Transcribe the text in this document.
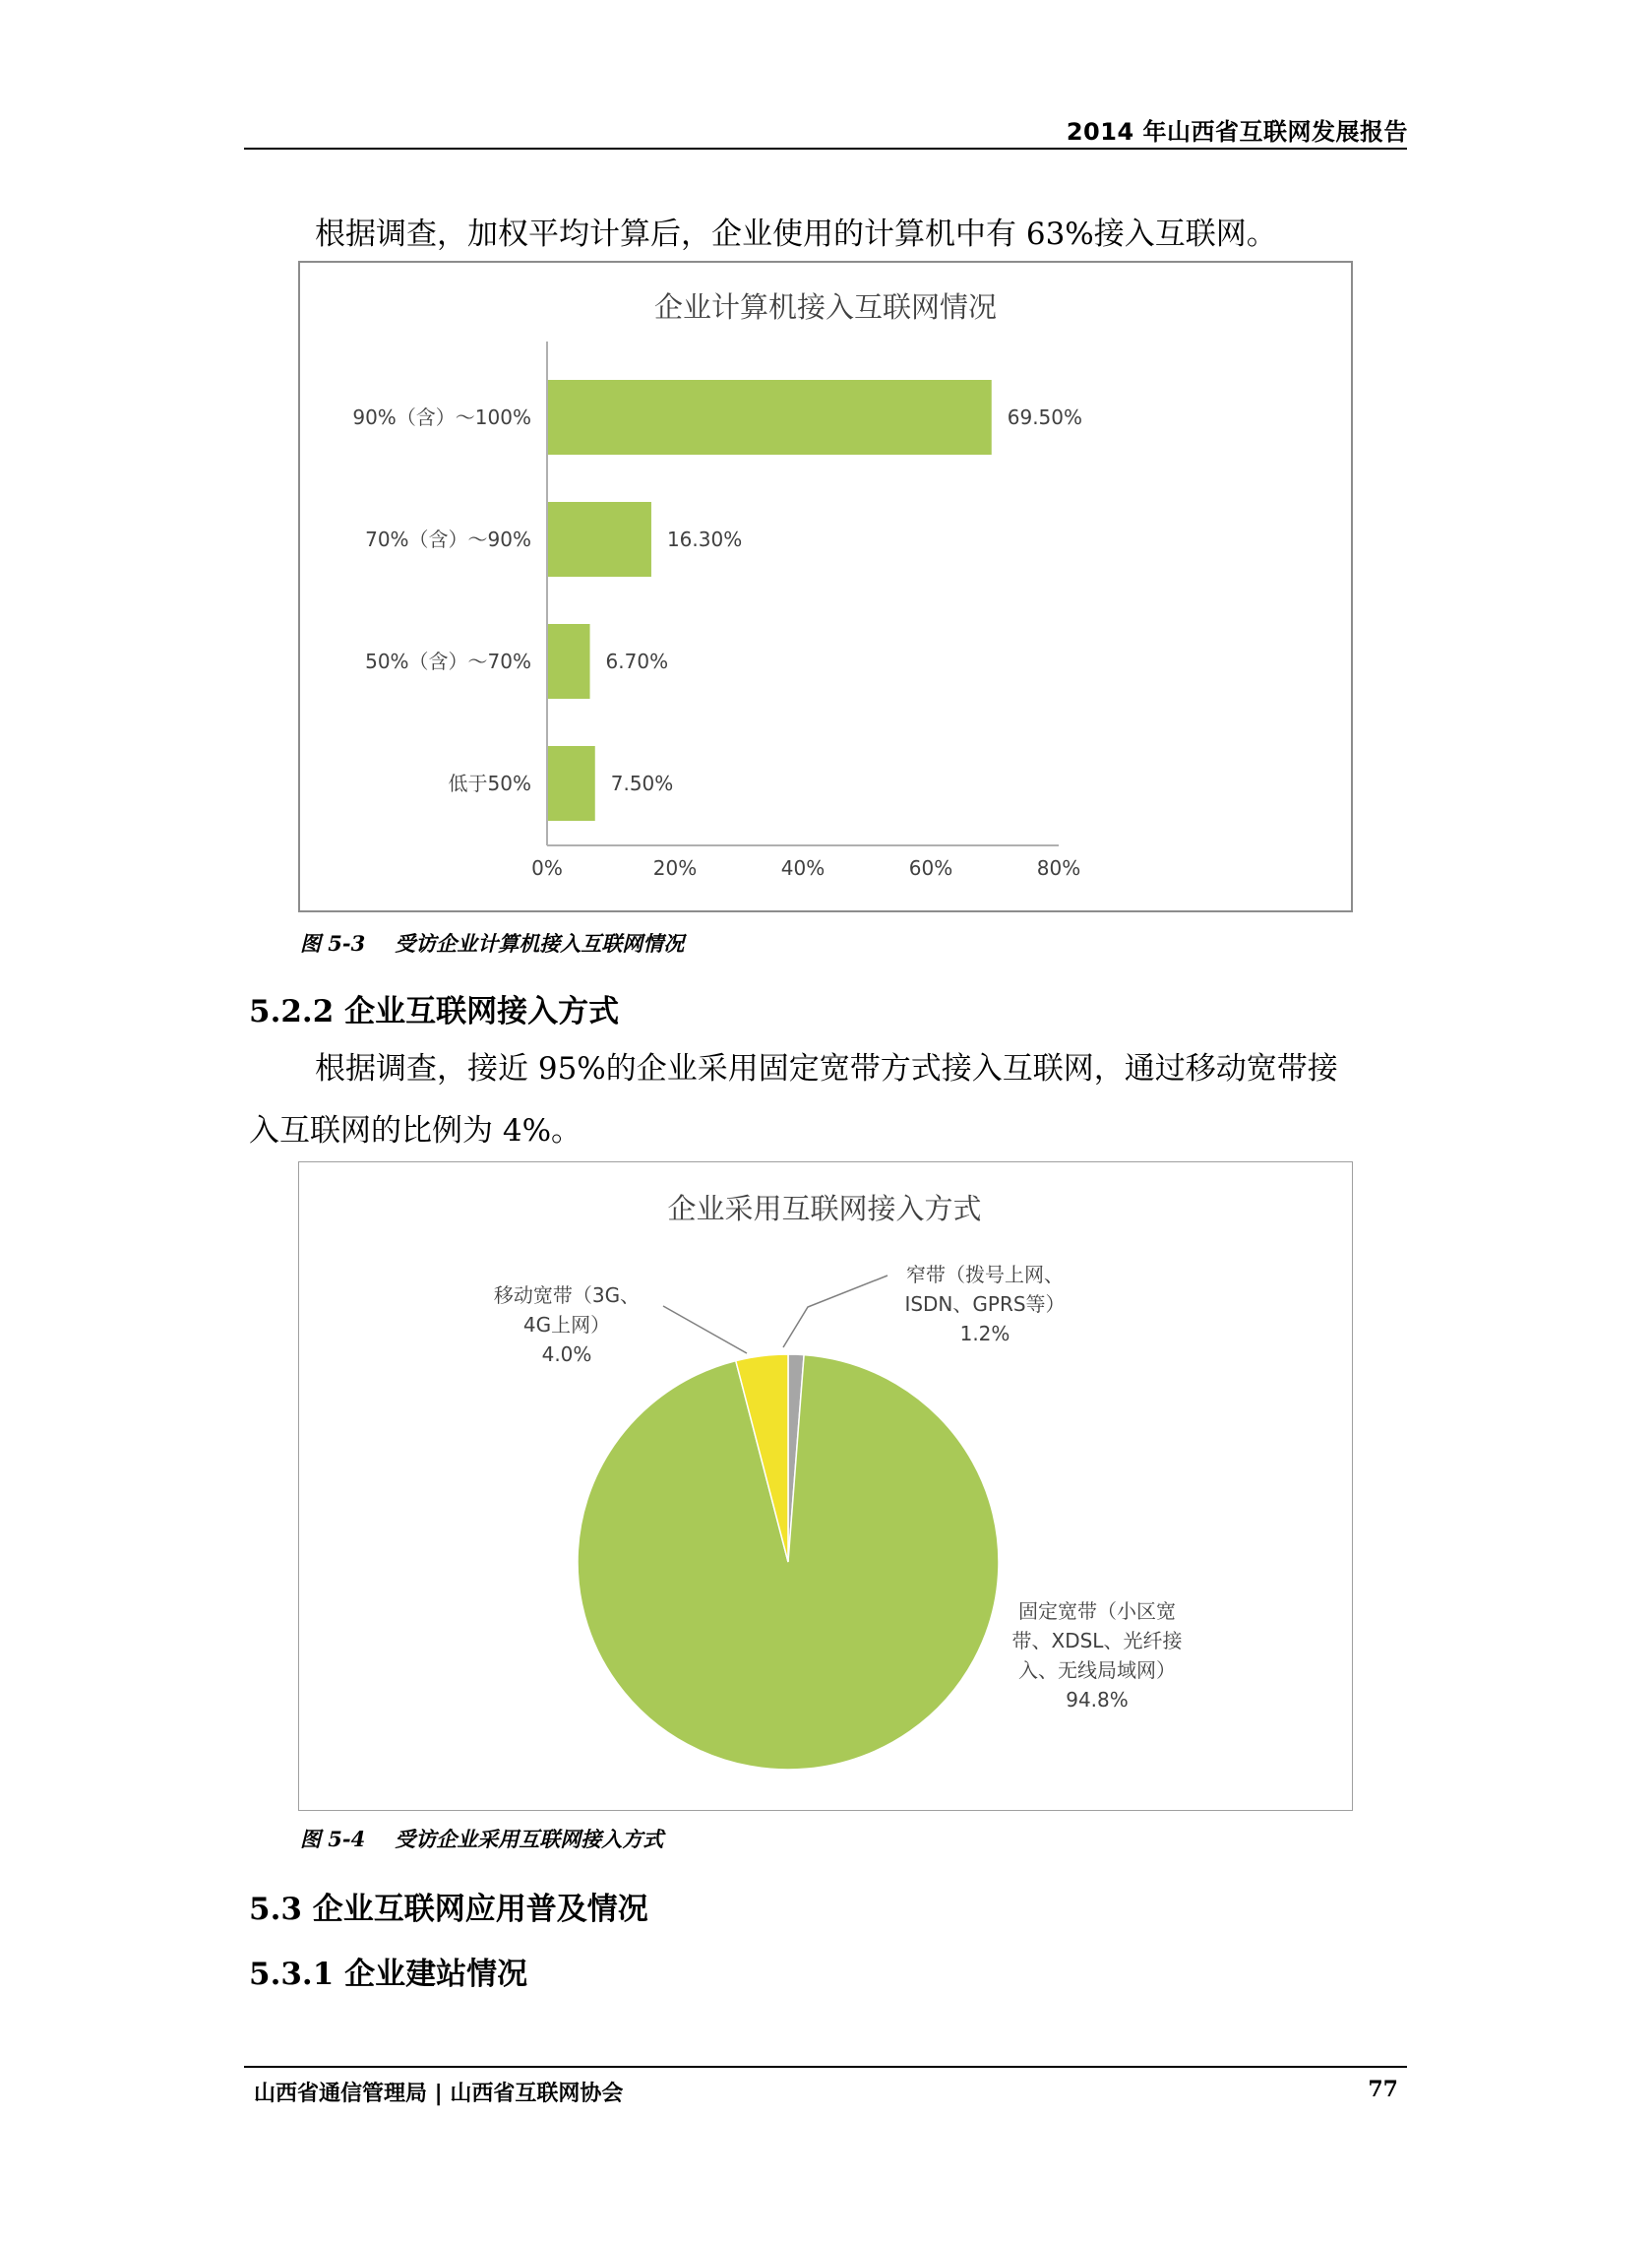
2014 年山西省互联网发展报告
根据调查，加权平均计算后，企业使用的计算机中有 63%接入互联网。
企业计算机接入互联网情况
90%（含）～100%	69.50%
70%（含）～90%	16.30%
50%（含）～70%	6.70%
低于50%	7.50%
0%	20%	40%	60%	80%
图 5-3 受访企业计算机接入互联网情况
5.2.2 企业互联网接入方式
根据调查，接近 95%的企业采用固定宽带方式接入互联网，通过移动宽带接
入互联网的比例为 4%。
企业采用互联网接入方式
窄带（拨号上网、
ISDN、GPRS等）
1.2%
固定宽带（小区宽
带、XDSL、光纤接
入、无线局域网）
94.8%
移动宽带（3G、
4G上网）
4.0%
图 5-4 受访企业采用互联网接入方式
5.3 企业互联网应用普及情况
5.3.1 企业建站情况
山西省通信管理局 | 山西省互联网协会	77
